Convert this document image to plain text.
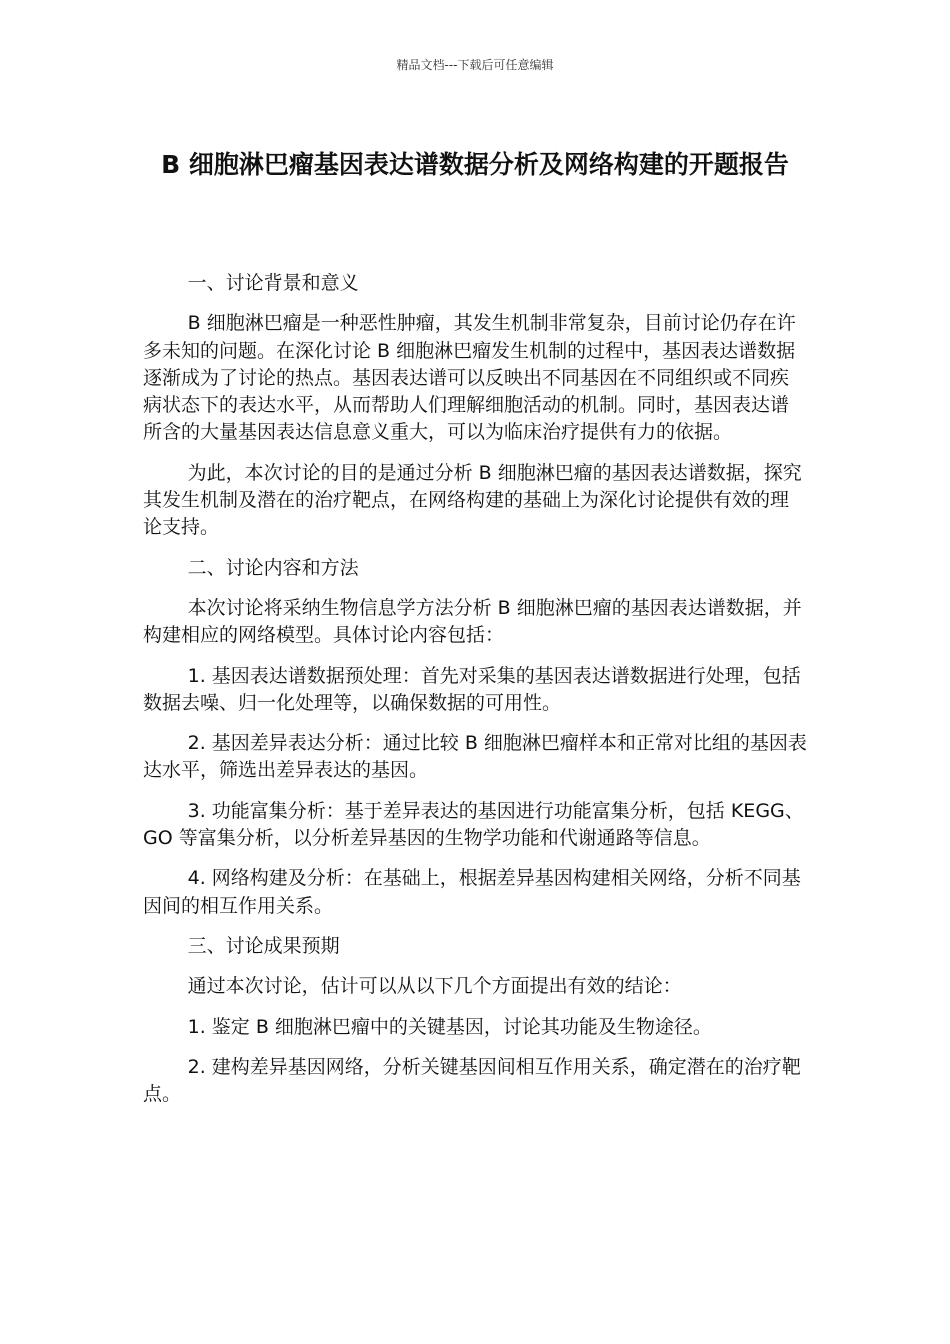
精品文档---下载后可任意编辑
B 细胞淋巴瘤基因表达谱数据分析及网络构建的开题报告

一、讨论背景和意义

B 细胞淋巴瘤是一种恶性肿瘤，其发生机制非常复杂，目前讨论仍存在许多未知的问题。在深化讨论 B 细胞淋巴瘤发生机制的过程中，基因表达谱数据逐渐成为了讨论的热点。基因表达谱可以反映出不同基因在不同组织或不同疾病状态下的表达水平，从而帮助人们理解细胞活动的机制。同时，基因表达谱所含的大量基因表达信息意义重大，可以为临床治疗提供有力的依据。

为此，本次讨论的目的是通过分析 B 细胞淋巴瘤的基因表达谱数据，探究其发生机制及潜在的治疗靶点，在网络构建的基础上为深化讨论提供有效的理论支持。

二、讨论内容和方法

本次讨论将采纳生物信息学方法分析 B 细胞淋巴瘤的基因表达谱数据，并构建相应的网络模型。具体讨论内容包括：

1. 基因表达谱数据预处理：首先对采集的基因表达谱数据进行处理，包括数据去噪、归一化处理等，以确保数据的可用性。

2. 基因差异表达分析：通过比较 B 细胞淋巴瘤样本和正常对比组的基因表达水平，筛选出差异表达的基因。

3. 功能富集分析：基于差异表达的基因进行功能富集分析，包括 KEGG、GO 等富集分析，以分析差异基因的生物学功能和代谢通路等信息。

4. 网络构建及分析：在基础上，根据差异基因构建相关网络，分析不同基因间的相互作用关系。

三、讨论成果预期

通过本次讨论，估计可以从以下几个方面提出有效的结论：

1. 鉴定 B 细胞淋巴瘤中的关键基因，讨论其功能及生物途径。

2. 建构差异基因网络，分析关键基因间相互作用关系，确定潜在的治疗靶点。
